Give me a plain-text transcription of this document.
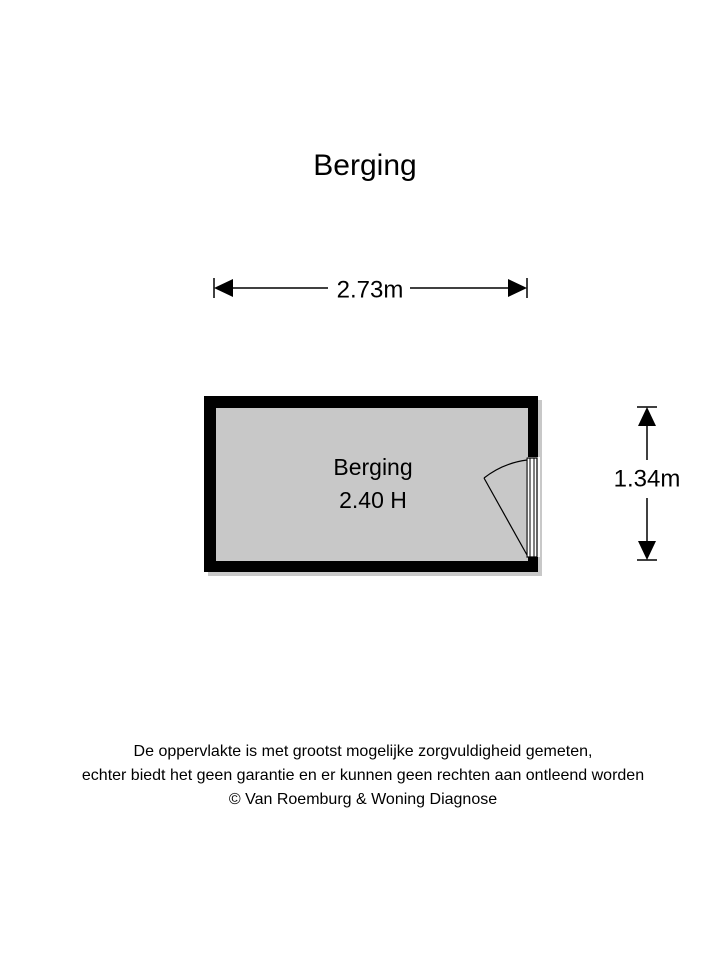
Berging
2.73m
1.34m
Berging
2.40 H
De oppervlakte is met grootst mogelijke zorgvuldigheid gemeten,
echter biedt het geen garantie en er kunnen geen rechten aan ontleend worden
© Van Roemburg & Woning Diagnose
